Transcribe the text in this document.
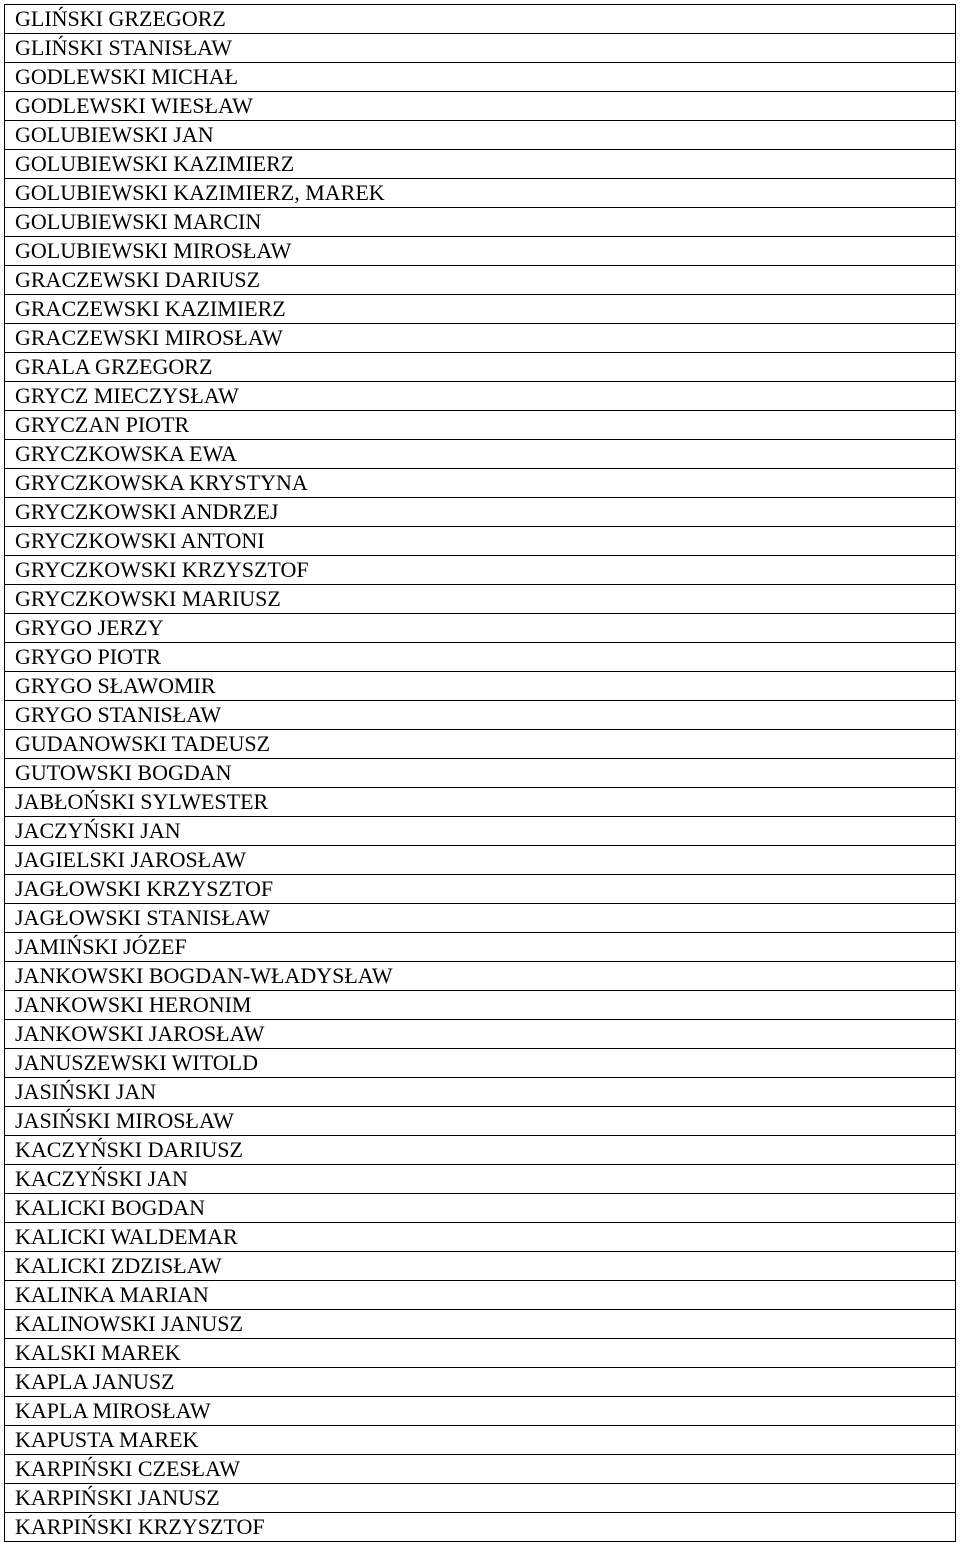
GLIŃSKI GRZEGORZ
GLIŃSKI STANISŁAW
GODLEWSKI MICHAŁ
GODLEWSKI WIESŁAW
GOLUBIEWSKI JAN
GOLUBIEWSKI KAZIMIERZ
GOLUBIEWSKI KAZIMIERZ, MAREK
GOLUBIEWSKI MARCIN
GOLUBIEWSKI MIROSŁAW
GRACZEWSKI DARIUSZ
GRACZEWSKI KAZIMIERZ
GRACZEWSKI MIROSŁAW
GRALA GRZEGORZ
GRYCZ MIECZYSŁAW
GRYCZAN PIOTR
GRYCZKOWSKA EWA
GRYCZKOWSKA KRYSTYNA
GRYCZKOWSKI ANDRZEJ
GRYCZKOWSKI ANTONI
GRYCZKOWSKI KRZYSZTOF
GRYCZKOWSKI MARIUSZ
GRYGO JERZY
GRYGO PIOTR
GRYGO SŁAWOMIR
GRYGO STANISŁAW
GUDANOWSKI TADEUSZ
GUTOWSKI BOGDAN
JABŁOŃSKI SYLWESTER
JACZYŃSKI JAN
JAGIELSKI JAROSŁAW
JAGŁOWSKI KRZYSZTOF
JAGŁOWSKI STANISŁAW
JAMIŃSKI JÓZEF
JANKOWSKI BOGDAN-WŁADYSŁAW
JANKOWSKI HERONIM
JANKOWSKI JAROSŁAW
JANUSZEWSKI WITOLD
JASIŃSKI JAN
JASIŃSKI MIROSŁAW
KACZYŃSKI DARIUSZ
KACZYŃSKI JAN
KALICKI BOGDAN
KALICKI WALDEMAR
KALICKI ZDZISŁAW
KALINKA MARIAN
KALINOWSKI JANUSZ
KALSKI MAREK
KAPLA JANUSZ
KAPLA MIROSŁAW
KAPUSTA MAREK
KARPIŃSKI CZESŁAW
KARPIŃSKI JANUSZ
KARPIŃSKI KRZYSZTOF
